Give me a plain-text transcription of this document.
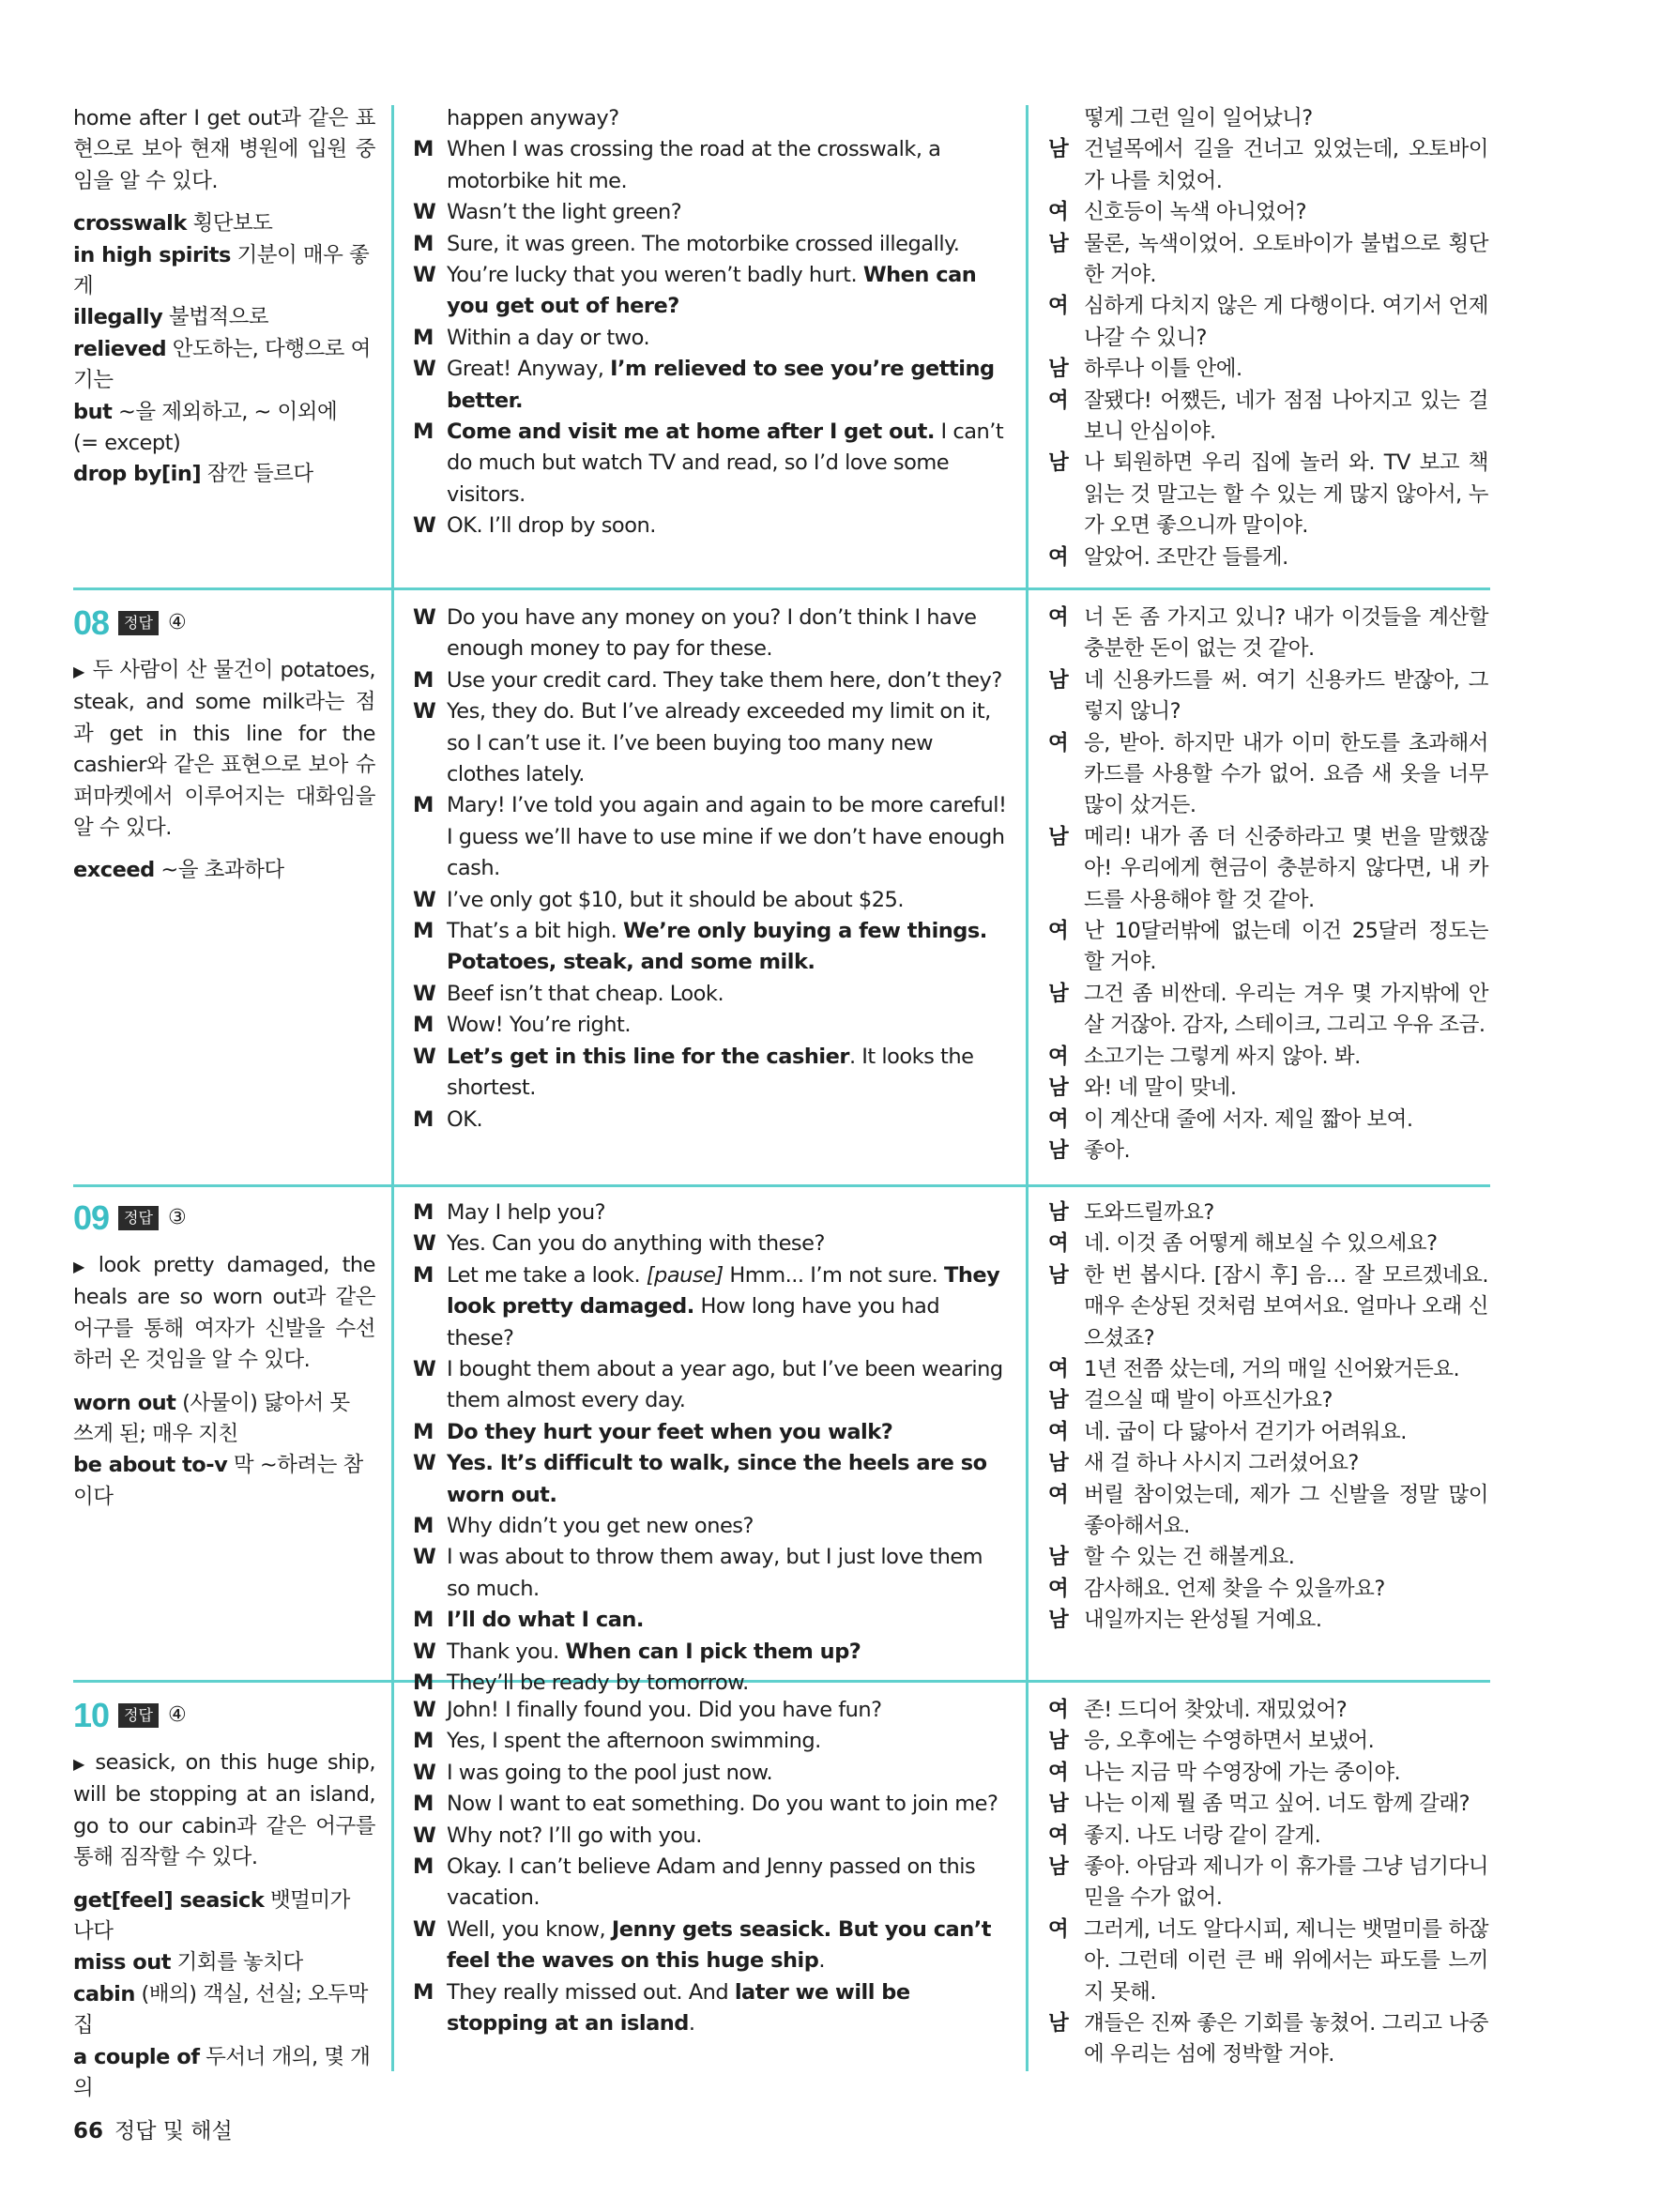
home after I get out과 같은 표현으로 보아 현재 병원에 입원 중임을 알 수 있다.

crosswalk 횡단보도

in high spirits 기분이 매우 좋게

illegally 불법적으로

relieved 안도하는, 다행으로 여기는

but ~을 제외하고, ~ 이외에

(= except)

drop by[in] 잠깐 들르다

happen anyway?
M When I was crossing the road at the crosswalk, a motorbike hit me.
W Wasn’t the light green?
M Sure, it was green. The motorbike crossed illegally.
W You’re lucky that you weren’t badly hurt. When can you get out of here?
M Within a day or two.
W Great! Anyway, I’m relieved to see you’re getting better.
M Come and visit me at home after I get out. I can’t do much but watch TV and read, so I’d love some visitors.
W OK. I’ll drop by soon.
떻게 그런 일이 일어났니?
남 건널목에서 길을 건너고 있었는데, 오토바이가 나를 치었어.
여 신호등이 녹색 아니었어?
남 물론, 녹색이었어. 오토바이가 불법으로 횡단한 거야.
여 심하게 다치지 않은 게 다행이다. 여기서 언제 나갈 수 있니?
남 하루나 이틀 안에.
여 잘됐다! 어쨌든, 네가 점점 나아지고 있는 걸 보니 안심이야.
남 나 퇴원하면 우리 집에 놀러 와. TV 보고 책 읽는 것 말고는 할 수 있는 게 많지 않아서, 누가 오면 좋으니까 말이야.
여 알았어. 조만간 들를게.
08	정답 ④

▶ 두 사람이 산 물건이 potatoes, steak, and some milk라는 점과 get in this line for the cashier와 같은 표현으로 보아 슈퍼마켓에서 이루어지는 대화임을 알 수 있다.

exceed ~을 초과하다

W Do you have any money on you? I don’t think I have enough money to pay for these.
M Use your credit card. They take them here, don’t they?
W Yes, they do. But I’ve already exceeded my limit on it, so I can’t use it. I’ve been buying too many new clothes lately.
M Mary! I’ve told you again and again to be more careful! I guess we’ll have to use mine if we don’t have enough cash.
W I’ve only got $10, but it should be about $25.
M That’s a bit high. We’re only buying a few things. Potatoes, steak, and some milk.
W Beef isn’t that cheap. Look.
M Wow! You’re right.
W Let’s get in this line for the cashier. It looks the shortest.
M OK.
여 너 돈 좀 가지고 있니? 내가 이것들을 계산할 충분한 돈이 없는 것 같아.
남 네 신용카드를 써. 여기 신용카드 받잖아, 그렇지 않니?
여 응, 받아. 하지만 내가 이미 한도를 초과해서 카드를 사용할 수가 없어. 요즘 새 옷을 너무 많이 샀거든.
남 메리! 내가 좀 더 신중하라고 몇 번을 말했잖아! 우리에게 현금이 충분하지 않다면, 내 카드를 사용해야 할 것 같아.
여 난 10달러밖에 없는데 이건 25달러 정도는 할 거야.
남 그건 좀 비싼데. 우리는 겨우 몇 가지밖에 안 살 거잖아. 감자, 스테이크, 그리고 우유 조금.
여 소고기는 그렇게 싸지 않아. 봐.
남 와! 네 말이 맞네.
여 이 계산대 줄에 서자. 제일 짧아 보여.
남 좋아.
09	정답 ③

▶ look pretty damaged, the heals are so worn out과 같은 어구를 통해 여자가 신발을 수선하러 온 것임을 알 수 있다.

worn out (사물이) 닳아서 못 쓰게 된; 매우 지친

be about to-v 막 ~하려는 참이다

M May I help you?
W Yes. Can you do anything with these?
M Let me take a look. [pause] Hmm... I’m not sure. They look pretty damaged. How long have you had these?
W I bought them about a year ago, but I’ve been wearing them almost every day.
M Do they hurt your feet when you walk?
W Yes. It’s difficult to walk, since the heels are so worn out.
M Why didn’t you get new ones?
W I was about to throw them away, but I just love them so much.
M I’ll do what I can.
W Thank you. When can I pick them up?
M They’ll be ready by tomorrow.
남 도와드릴까요?
여 네. 이것 좀 어떻게 해보실 수 있으세요?
남 한 번 봅시다. [잠시 후] 음… 잘 모르겠네요. 매우 손상된 것처럼 보여서요. 얼마나 오래 신으셨죠?
여 1년 전쯤 샀는데, 거의 매일 신어왔거든요.
남 걸으실 때 발이 아프신가요?
여 네. 굽이 다 닳아서 걷기가 어려워요.
남 새 걸 하나 사시지 그러셨어요?
여 버릴 참이었는데, 제가 그 신발을 정말 많이 좋아해서요.
남 할 수 있는 건 해볼게요.
여 감사해요. 언제 찾을 수 있을까요?
남 내일까지는 완성될 거예요.
10	정답 ④

▶ seasick, on this huge ship, will be stopping at an island, go to our cabin과 같은 어구를 통해 짐작할 수 있다.

get[feel] seasick 뱃멀미가 나다

miss out 기회를 놓치다

cabin (배의) 객실, 선실; 오두막집

a couple of 두서너 개의, 몇 개의

W John! I finally found you. Did you have fun?
M Yes, I spent the afternoon swimming.
W I was going to the pool just now.
M Now I want to eat something. Do you want to join me?
W Why not? I’ll go with you.
M Okay. I can’t believe Adam and Jenny passed on this vacation.
W Well, you know, Jenny gets seasick. But you can’t feel the waves on this huge ship.
M They really missed out. And later we will be stopping at an island.
여 존! 드디어 찾았네. 재밌었어?
남 응, 오후에는 수영하면서 보냈어.
여 나는 지금 막 수영장에 가는 중이야.
남 나는 이제 뭘 좀 먹고 싶어. 너도 함께 갈래?
여 좋지. 나도 너랑 같이 갈게.
남 좋아. 아담과 제니가 이 휴가를 그냥 넘기다니 믿을 수가 없어.
여 그러게, 너도 알다시피, 제니는 뱃멀미를 하잖아. 그런데 이런 큰 배 위에서는 파도를 느끼지 못해.
남 걔들은 진짜 좋은 기회를 놓쳤어. 그리고 나중에 우리는 섬에 정박할 거야.
66 정답 및 해설
